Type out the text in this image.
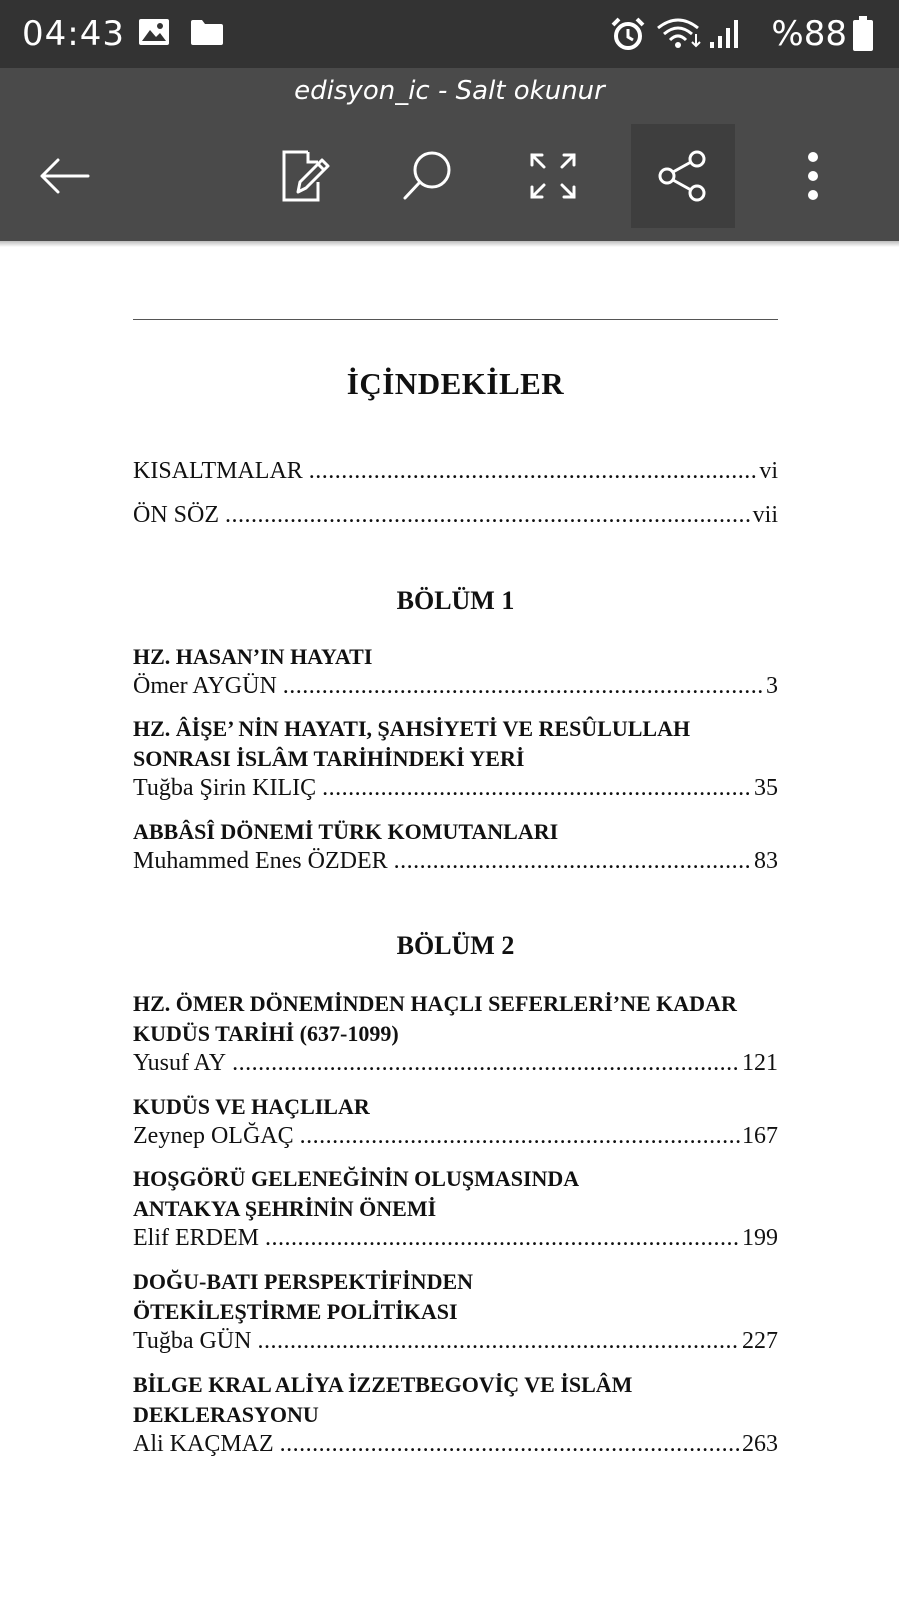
04:43	%88
edisyon_ic - Salt okunur
İÇİNDEKİLER
KISALTMALAR .....	vi
ÖN SÖZ .....	vii
BÖLÜM 1
HZ. HASAN’IN HAYATI
Ömer AYGÜN .....	3
HZ. ÂİŞE’ NİN HAYATI, ŞAHSİYETİ VE RESÛLULLAH
SONRASI İSLÂM TARİHİNDEKİ YERİ
Tuğba Şirin KILIÇ .....	35
ABBÂSÎ DÖNEMİ TÜRK KOMUTANLARI
Muhammed Enes ÖZDER .....	83
BÖLÜM 2
HZ. ÖMER DÖNEMİNDEN HAÇLI SEFERLERİ’NE KADAR
KUDÜS TARİHİ (637-1099)
Yusuf AY .....	121
KUDÜS VE HAÇLILAR
Zeynep OLĞAÇ .....	167
HOŞGÖRÜ GELENEĞİNİN OLUŞMASINDA
ANTAKYA ŞEHRİNİN ÖNEMİ
Elif ERDEM .....	199
DOĞU-BATI PERSPEKTİFİNDEN
ÖTEKİLEŞTİRME POLİTİKASI
Tuğba GÜN .....	227
BİLGE KRAL ALİYA İZZETBEGOVİÇ VE İSLÂM
DEKLERASYONU
Ali KAÇMAZ .....	263
